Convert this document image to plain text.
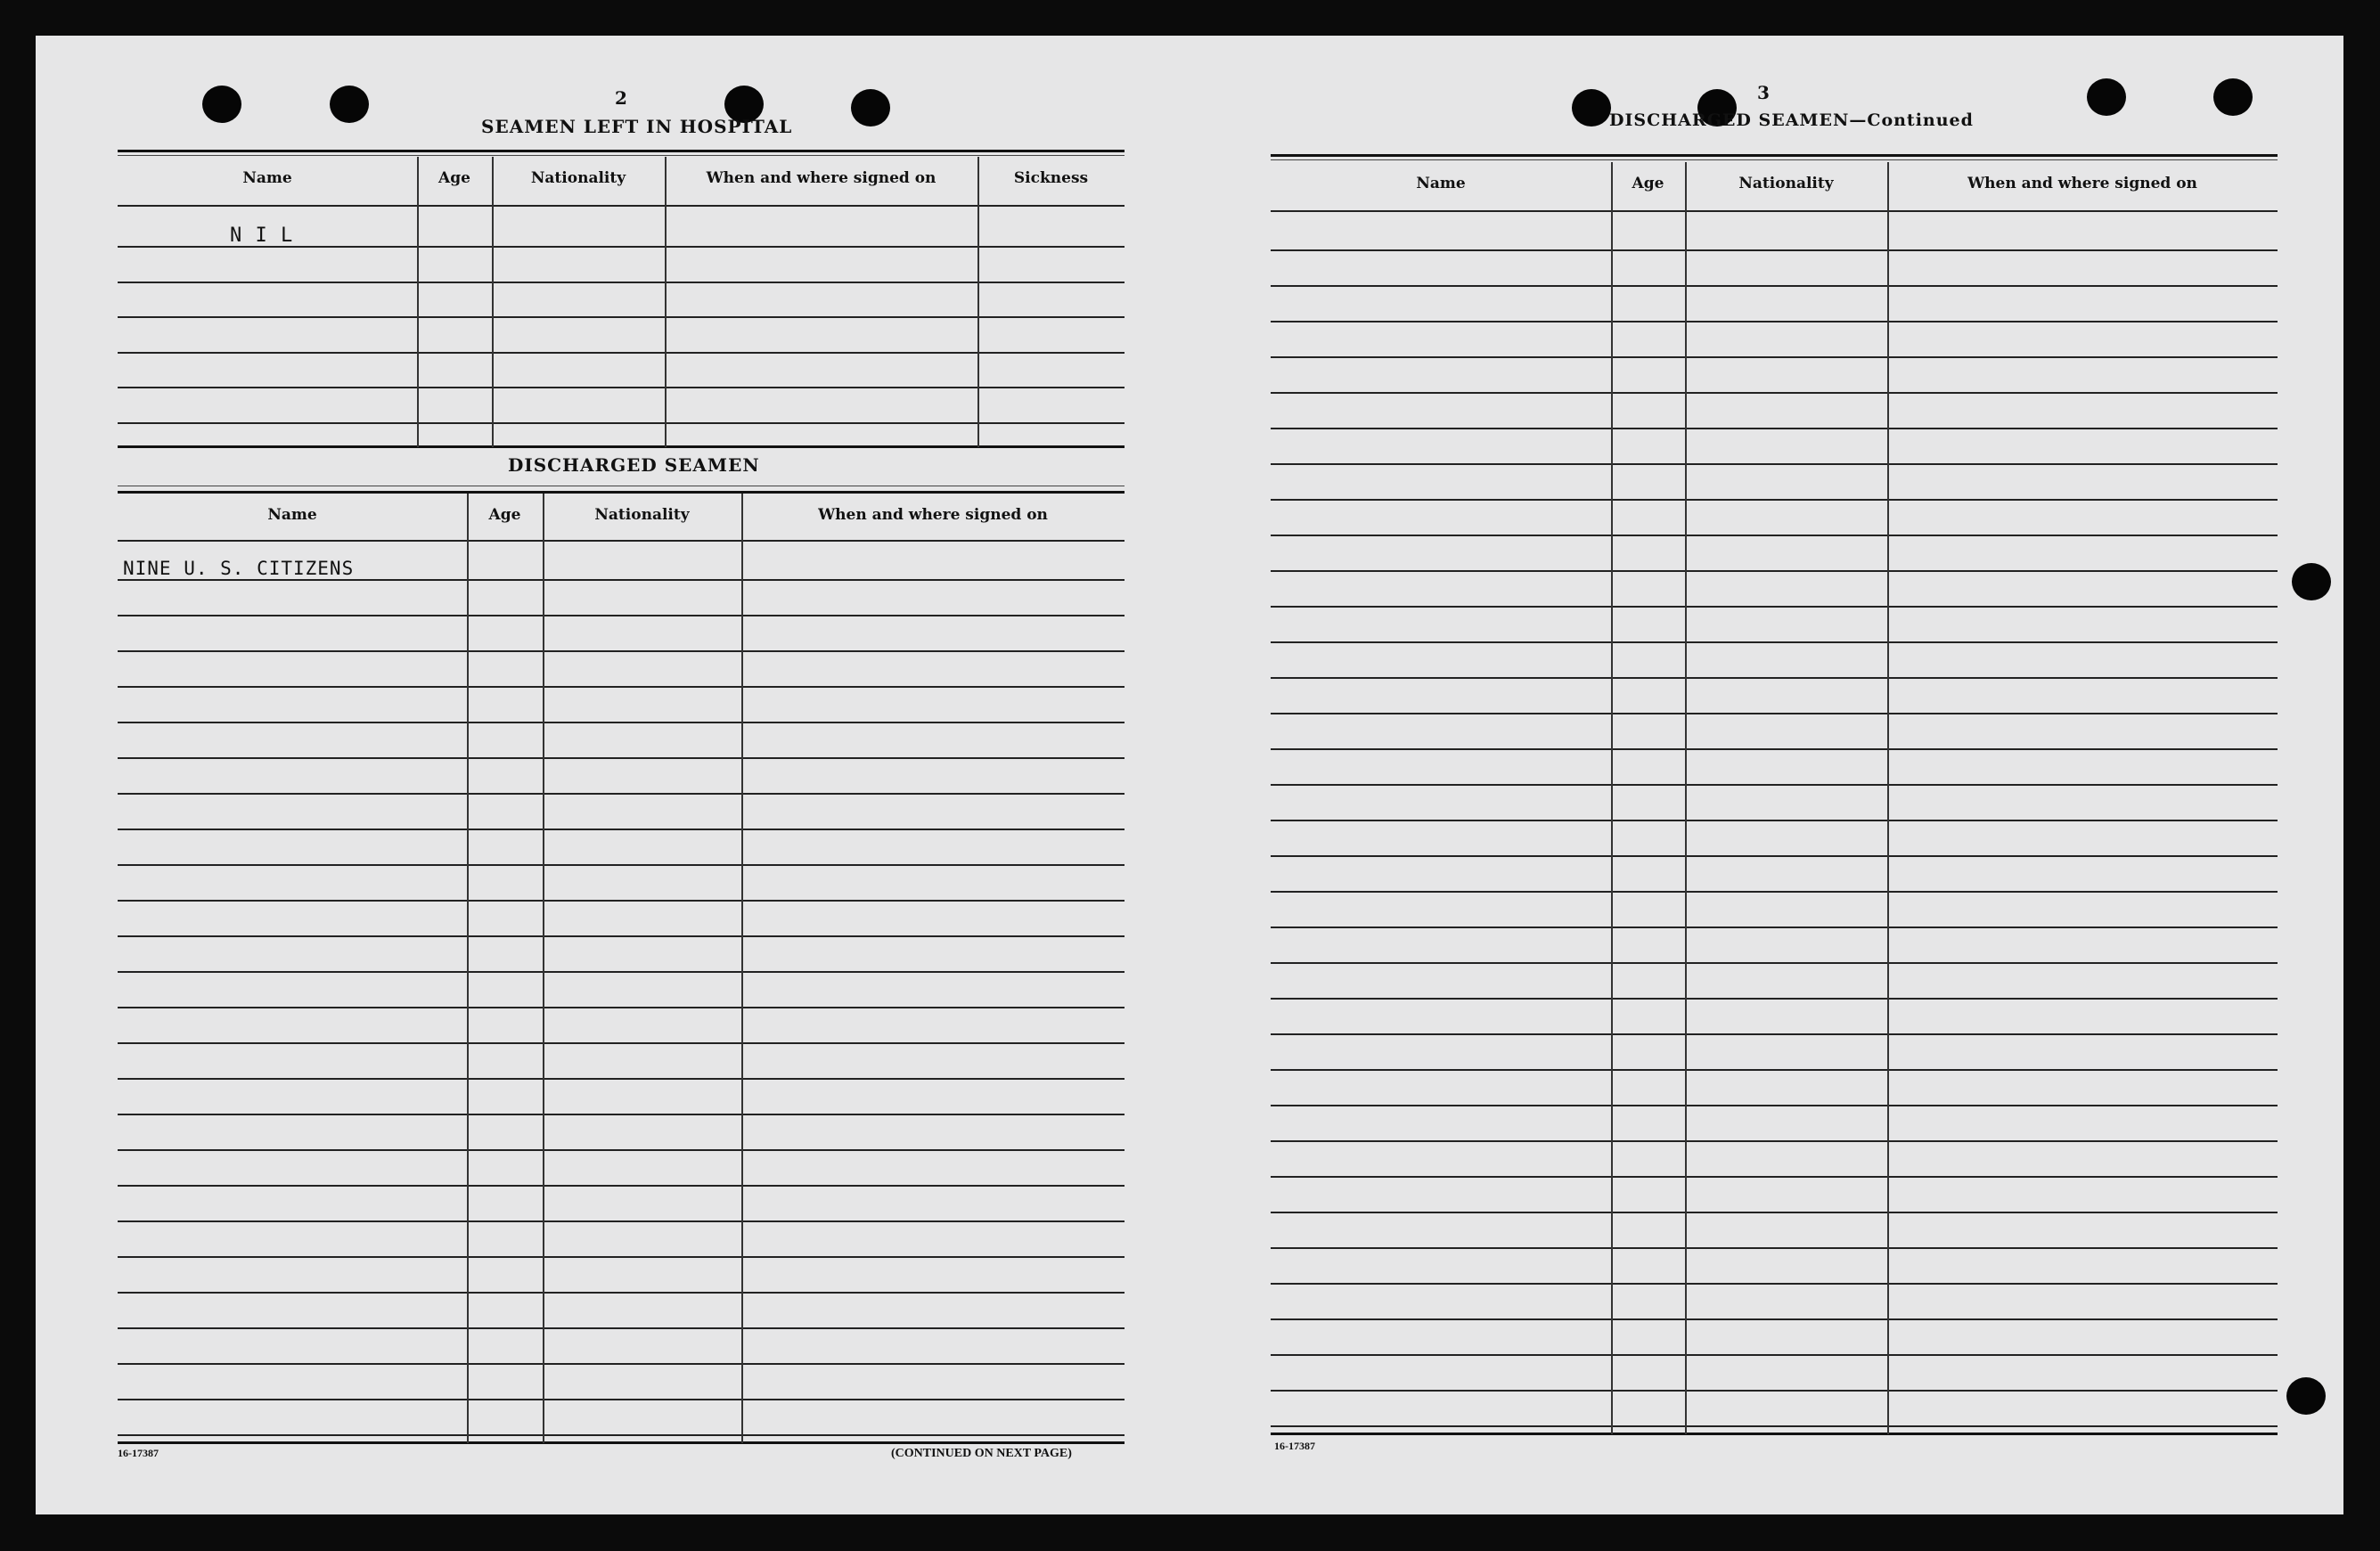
2
SEAMEN LEFT IN HOSPITAL
Name	Age	Nationality	When and where signed on	Sickness
N I L
DISCHARGED SEAMEN
Name	Age	Nationality	When and where signed on
NINE U. S. CITIZENS
16-17387	(CONTINUED ON NEXT PAGE)
3
DISCHARGED SEAMEN—Continued
Name	Age	Nationality	When and where signed on
16-17387
